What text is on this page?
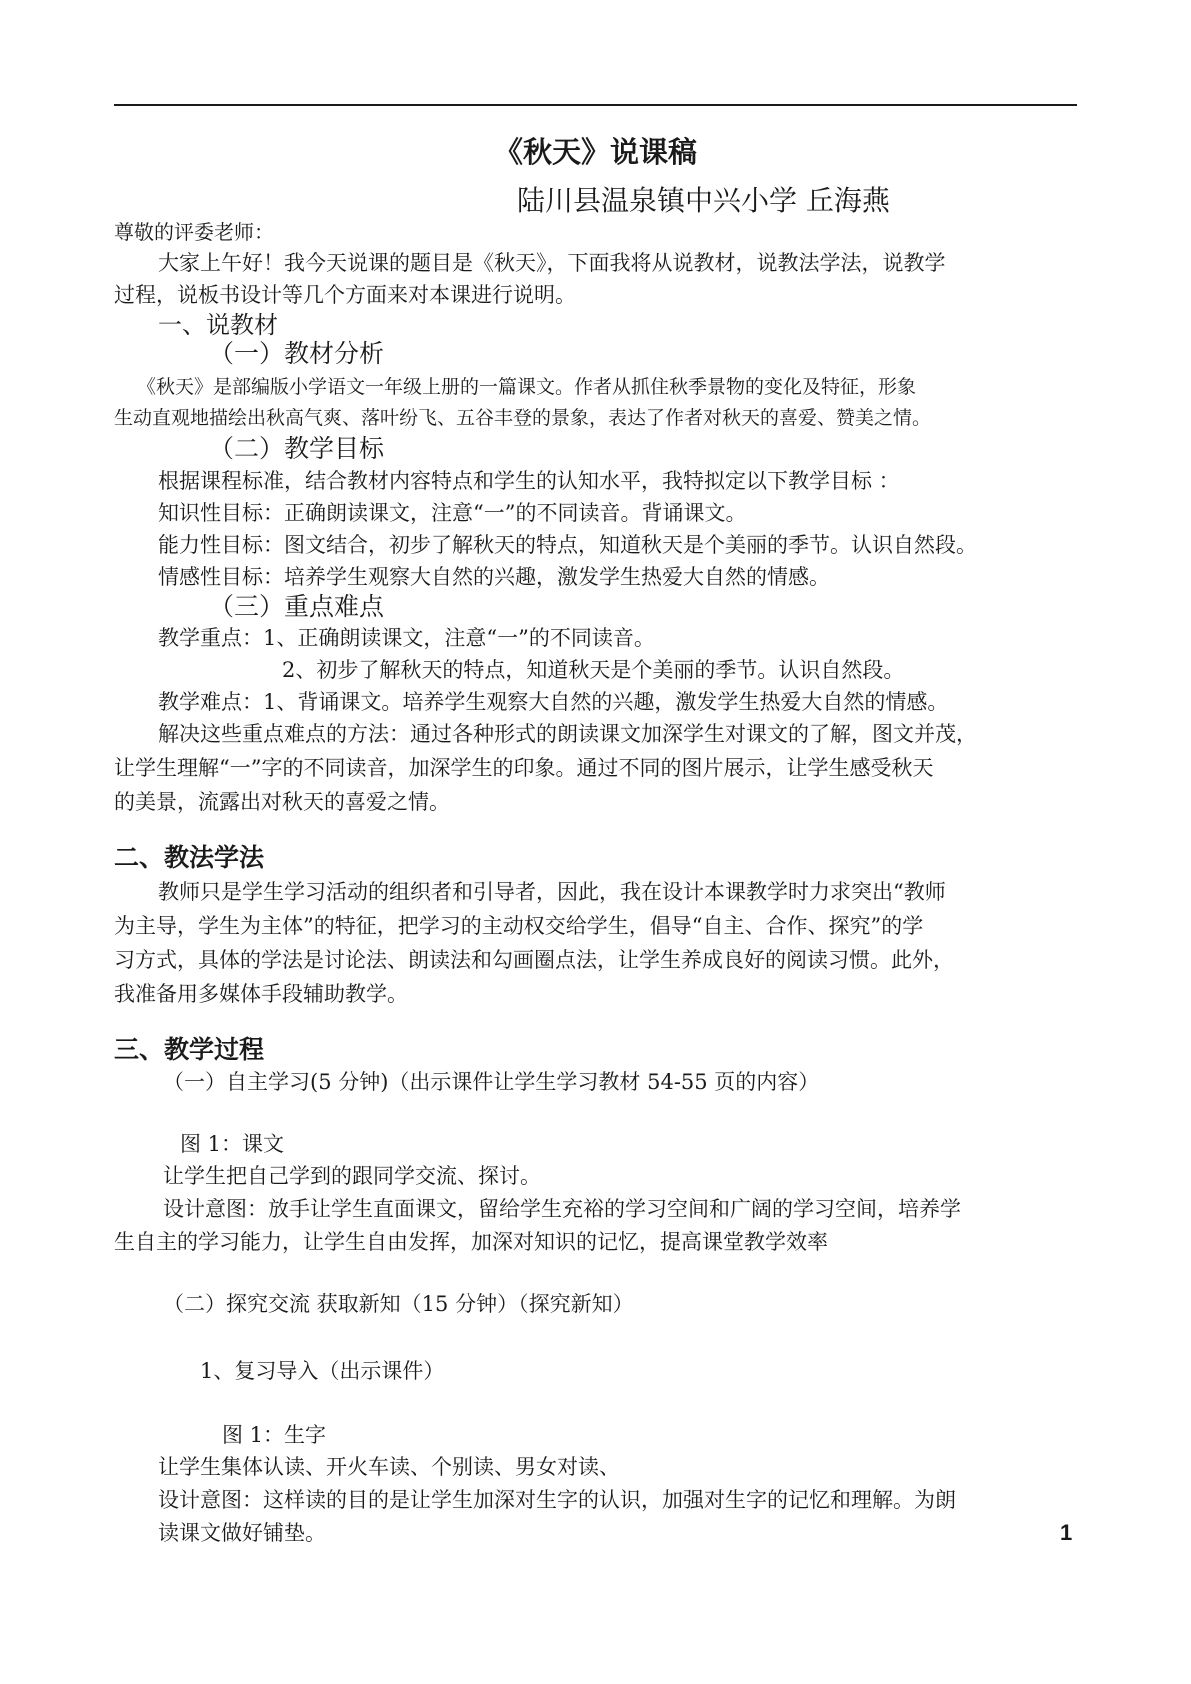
《秋天》说课稿
陆川县温泉镇中兴小学 丘海燕
尊敬的评委老师：
大家上午好！我今天说课的题目是《秋天》，下面我将从说教材，说教法学法，说教学
过程，说板书设计等几个方面来对本课进行说明。
一、说教材
（一）教材分析
《秋天》是部编版小学语文一年级上册的一篇课文。作者从抓住秋季景物的变化及特征，形象
生动直观地描绘出秋高气爽、落叶纷飞、五谷丰登的景象，表达了作者对秋天的喜爱、赞美之情。
（二）教学目标
根据课程标准，结合教材内容特点和学生的认知水平，我特拟定以下教学目标 ：
知识性目标：正确朗读课文，注意“一”的不同读音。背诵课文。
能力性目标：图文结合，初步了解秋天的特点，知道秋天是个美丽的季节。认识自然段。
情感性目标：培养学生观察大自然的兴趣，激发学生热爱大自然的情感。
（三）重点难点
教学重点：1、正确朗读课文，注意“一”的不同读音。
2、初步了解秋天的特点，知道秋天是个美丽的季节。认识自然段。
教学难点：1、背诵课文。培养学生观察大自然的兴趣，激发学生热爱大自然的情感。
解决这些重点难点的方法：通过各种形式的朗读课文加深学生对课文的了解，图文并茂，
让学生理解“一”字的不同读音，加深学生的印象。通过不同的图片展示，让学生感受秋天
的美景，流露出对秋天的喜爱之情。
二、教法学法
教师只是学生学习活动的组织者和引导者，因此，我在设计本课教学时力求突出“教师
为主导，学生为主体”的特征，把学习的主动权交给学生，倡导“自主、合作、探究”的学
习方式，具体的学法是讨论法、朗读法和勾画圈点法，让学生养成良好的阅读习惯。此外，
我准备用多媒体手段辅助教学。
三、教学过程
（一）自主学习(5 分钟)（出示课件让学生学习教材 54-55 页的内容）
图 1：课文
让学生把自己学到的跟同学交流、探讨。
设计意图：放手让学生直面课文，留给学生充裕的学习空间和广阔的学习空间，培养学
生自主的学习能力，让学生自由发挥，加深对知识的记忆，提高课堂教学效率
（二）探究交流 获取新知（15 分钟）（探究新知）
1、复习导入（出示课件）
图 1：生字
让学生集体认读、开火车读、个别读、男女对读、
设计意图：这样读的目的是让学生加深对生字的认识，加强对生字的记忆和理解。为朗
读课文做好铺垫。	1
